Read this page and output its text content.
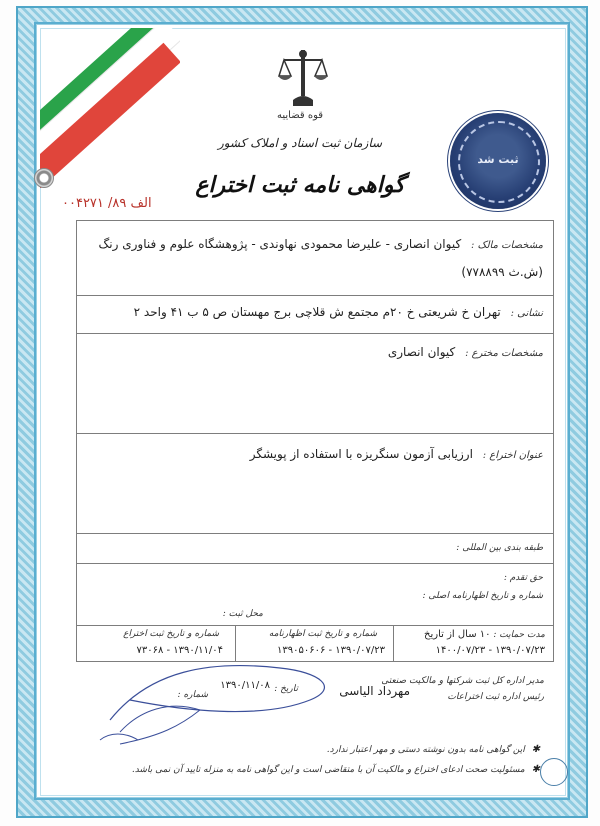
قوه قضاییه
سازمان ثبت اسناد و املاک کشور
گواهی نامه ثبت اختراع
الف ۸۹/ ۰۰۴۲۷۱
ثبت شد
مشخصات مالک : کیوان انصاری - علیرضا محمودی نهاوندی - پژوهشگاه علوم و فناوری رنگ
(ش.ث ۷۷۸۸۹۹)
نشانی : تهران خ شریعتی خ ۲۰م مجتمع ش قلاچی برج مهستان ص ۵ ب ۴۱ واحد ۲
مشخصات مخترع : کیوان انصاری
عنوان اختراع : ارزیابی آزمون سنگریزه با استفاده از پویشگر
طبقه بندی بین المللی :
حق تقدم :
شماره و تاریخ اظهارنامه اصلی :
محل ثبت :
مدت حمایت : ۱۰ سال از تاریخ
۱۳۹۰/۰۷/۲۳ - ۱۴۰۰/۰۷/۲۳
شماره و تاریخ ثبت اظهارنامه
۱۳۹۰/۰۷/۲۳ - ۱۳۹۰۵۰۶۰۶
شماره و تاریخ ثبت اختراع
۱۳۹۰/۱۱/۰۴ - ۷۳۰۶۸
مدیر اداره کل ثبت شرکتها و مالکیت صنعتی
رئیس اداره ثبت اختراعات
مهرداد الیاسی
تاریخ :
۱۳۹۰/۱۱/۰۸
شماره :
✱ این گواهی نامه بدون نوشته دستی و مهر اعتبار ندارد.
✱ مسئولیت صحت ادعای اختراع و مالکیت آن با متقاضی است و این گواهی نامه به منزله تایید آن نمی باشد.
